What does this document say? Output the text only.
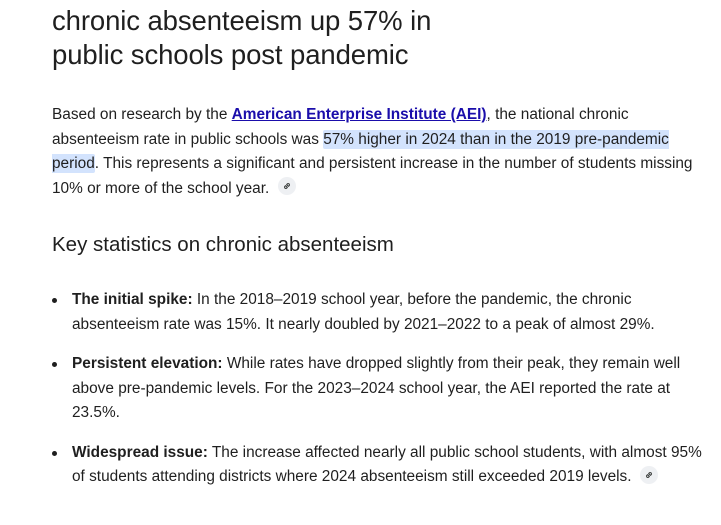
chronic absenteeism up 57% in
public schools post pandemic

Based on research by the American Enterprise Institute (AEI), the national chronic absenteeism rate in public schools was 57% higher in 2024 than in the 2019 pre-pandemic period. This represents a significant and persistent increase in the number of students missing 10% or more of the school year.

Key statistics on chronic absenteeism
The initial spike: In the 2018–2019 school year, before the pandemic, the chronic absenteeism rate was 15%. It nearly doubled by 2021–2022 to a peak of almost 29%.
Persistent elevation: While rates have dropped slightly from their peak, they remain well above pre-pandemic levels. For the 2023–2024 school year, the AEI reported the rate at 23.5%.
Widespread issue: The increase affected nearly all public school students, with almost 95% of students attending districts where 2024 absenteeism still exceeded 2019 levels.
